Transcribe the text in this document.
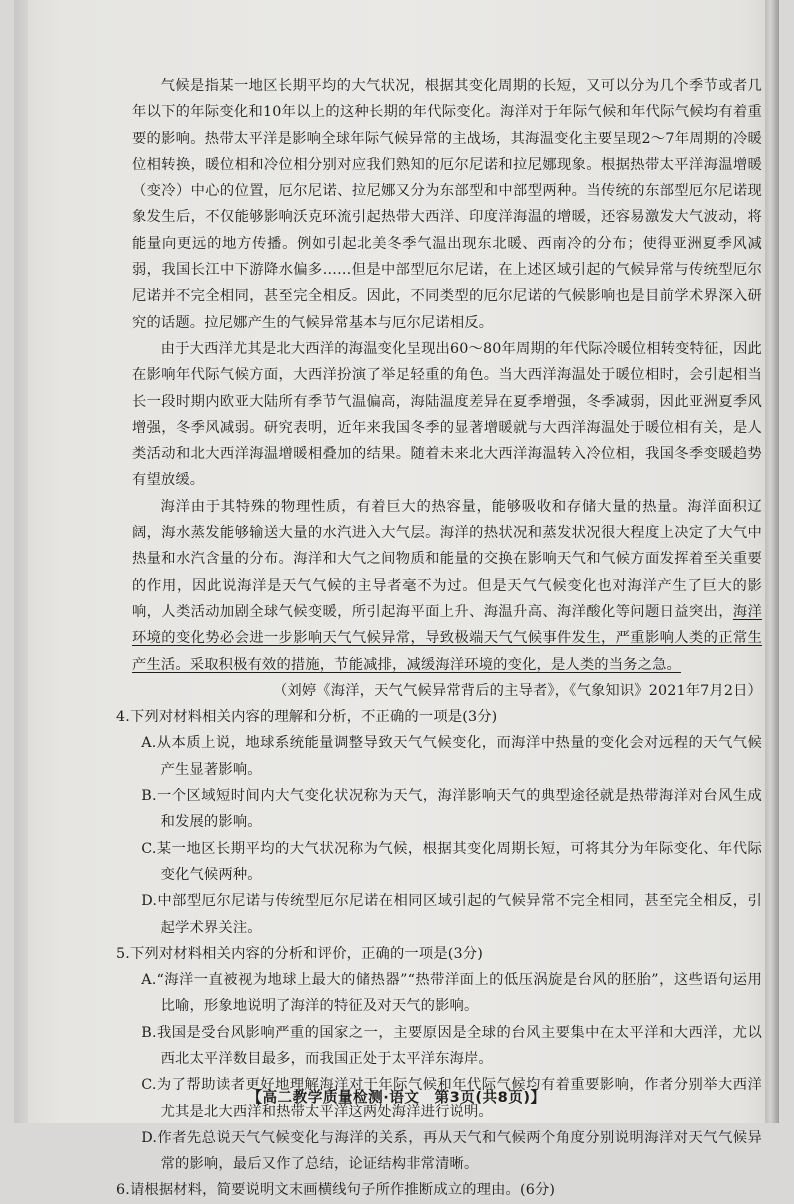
气候是指某一地区长期平均的大气状况，根据其变化周期的长短，又可以分为几个季节或者几年以下的年际变化和10年以上的这种长期的年代际变化。海洋对于年际气候和年代际气候均有着重要的影响。热带太平洋是影响全球年际气候异常的主战场，其海温变化主要呈现2～7年周期的冷暖位相转换，暖位相和冷位相分别对应我们熟知的厄尔尼诺和拉尼娜现象。根据热带太平洋海温增暖（变冷）中心的位置，厄尔尼诺、拉尼娜又分为东部型和中部型两种。当传统的东部型厄尔尼诺现象发生后，不仅能够影响沃克环流引起热带大西洋、印度洋海温的增暖，还容易激发大气波动，将能量向更远的地方传播。例如引起北美冬季气温出现东北暖、西南冷的分布；使得亚洲夏季风减弱，我国长江中下游降水偏多……但是中部型厄尔尼诺，在上述区域引起的气候异常与传统型厄尔尼诺并不完全相同，甚至完全相反。因此，不同类型的厄尔尼诺的气候影响也是目前学术界深入研究的话题。拉尼娜产生的气候异常基本与厄尔尼诺相反。

由于大西洋尤其是北大西洋的海温变化呈现出60～80年周期的年代际冷暖位相转变特征，因此在影响年代际气候方面，大西洋扮演了举足轻重的角色。当大西洋海温处于暖位相时，会引起相当长一段时期内欧亚大陆所有季节气温偏高，海陆温度差异在夏季增强，冬季减弱，因此亚洲夏季风增强，冬季风减弱。研究表明，近年来我国冬季的显著增暖就与大西洋海温处于暖位相有关，是人类活动和北大西洋海温增暖相叠加的结果。随着未来北大西洋海温转入冷位相，我国冬季变暖趋势有望放缓。

海洋由于其特殊的物理性质，有着巨大的热容量，能够吸收和存储大量的热量。海洋面积辽阔，海水蒸发能够输送大量的水汽进入大气层。海洋的热状况和蒸发状况很大程度上决定了大气中热量和水汽含量的分布。海洋和大气之间物质和能量的交换在影响天气和气候方面发挥着至关重要的作用，因此说海洋是天气气候的主导者毫不为过。但是天气气候变化也对海洋产生了巨大的影响，人类活动加剧全球气候变暖，所引起海平面上升、海温升高、海洋酸化等问题日益突出，海洋环境的变化势必会进一步影响天气气候异常，导致极端天气气候事件发生，严重影响人类的正常生产生活。采取积极有效的措施，节能减排，减缓海洋环境的变化，是人类的当务之急。

（刘婷《海洋，天气气候异常背后的主导者》，《气象知识》2021年7月2日）

4.下列对材料相关内容的理解和分析，不正确的一项是(3分)

A.从本质上说，地球系统能量调整导致天气气候变化，而海洋中热量的变化会对远程的天气气候产生显著影响。

B.一个区域短时间内大气变化状况称为天气，海洋影响天气的典型途径就是热带海洋对台风生成和发展的影响。

C.某一地区长期平均的大气状况称为气候，根据其变化周期长短，可将其分为年际变化、年代际变化气候两种。

D.中部型厄尔尼诺与传统型厄尔尼诺在相同区域引起的气候异常不完全相同，甚至完全相反，引起学术界关注。

5.下列对材料相关内容的分析和评价，正确的一项是(3分)

A.“海洋一直被视为地球上最大的储热器”“热带洋面上的低压涡旋是台风的胚胎”，这些语句运用比喻，形象地说明了海洋的特征及对天气的影响。

B.我国是受台风影响严重的国家之一，主要原因是全球的台风主要集中在太平洋和大西洋，尤以西北太平洋数目最多，而我国正处于太平洋东海岸。

C.为了帮助读者更好地理解海洋对于年际气候和年代际气候均有着重要影响，作者分别举大西洋尤其是北大西洋和热带太平洋这两处海洋进行说明。

D.作者先总说天气气候变化与海洋的关系，再从天气和气候两个角度分别说明海洋对天气气候异常的影响，最后又作了总结，论证结构非常清晰。

6.请根据材料，简要说明文末画横线句子所作推断成立的理由。(6分)

【高二教学质量检测·语文　第3页(共8页)】
